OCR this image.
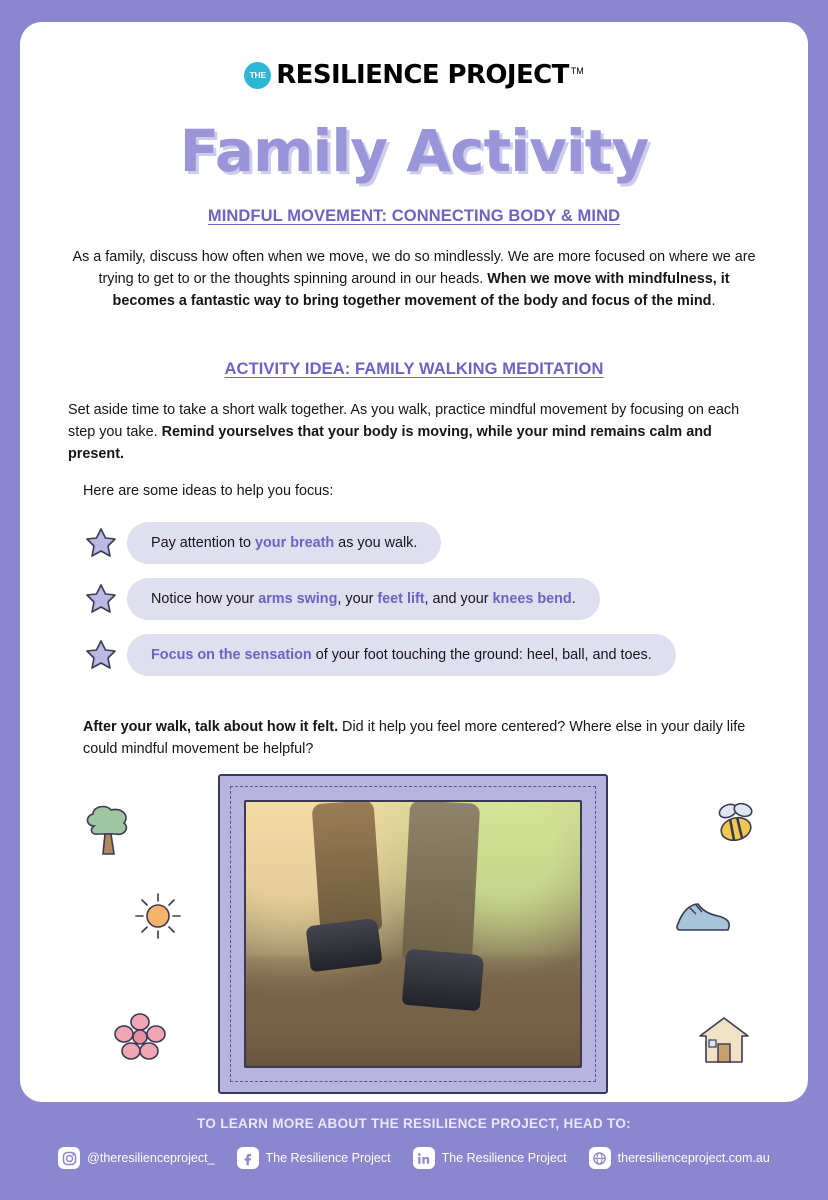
THE RESILIENCE PROJECT TM
Family Activity
MINDFUL MOVEMENT: CONNECTING BODY & MIND
As a family, discuss how often when we move, we do so mindlessly. We are more focused on where we are trying to get to or the thoughts spinning around in our heads. When we move with mindfulness, it becomes a fantastic way to bring together movement of the body and focus of the mind.
ACTIVITY IDEA: FAMILY WALKING MEDITATION
Set aside time to take a short walk together. As you walk, practice mindful movement by focusing on each step you take. Remind yourselves that your body is moving, while your mind remains calm and present.
Here are some ideas to help you focus:
Pay attention to your breath as you walk.
Notice how your arms swing, your feet lift, and your knees bend.
Focus on the sensation of your foot touching the ground: heel, ball, and toes.
After your walk, talk about how it felt. Did it help you feel more centered? Where else in your daily life could mindful movement be helpful?
TO LEARN MORE ABOUT THE RESILIENCE PROJECT, HEAD TO:
@theresilienceproject_	The Resilience Project	The Resilience Project	theresilienceproject.com.au
